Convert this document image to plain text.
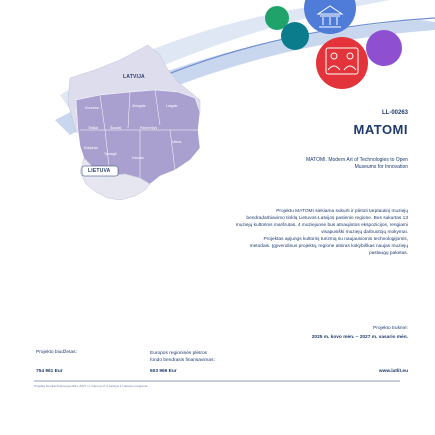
LATVIJA
LIETUVA
Kurzeme	Zemgale	Latgale
Telšiai	Šiauliai	Panevėžys
Utena
Klaipėda
Tauragė
Kaunas
LL-00263
MATOMI
MATOMI. Modern Art of Technologies to Open
Museums for Innovation
Projektu MATOMI siekiama sukurti ir plėtoti tarptautinį muziejų
bendradarbiavimo tinklą Lietuvos-Latvijos pasienio regione. Bus sukurtas 13
muziejų kultūrinis maršrutas, 4 muziejuose bus atnaujintos ekspozicijos, rengiami
visapusiški muziejų darbuotojų mokymai.
Projektas apjungs kultūrinį turizmą su naujausiomis technologijomis,
metodais. Įgyvendinus projektą, regione atsiras kokybiškas naujas muziejų
paslaugų paketas.
Projekto trukmė:
2025 m. kovo mėn. – 2027 m. vasario mėn.
Projekto biudžetas:	Europos regioninės plėtros
fondo bendrasis finansavimas:
754 961 Eur	603 969 Eur	www.latlit.eu
Projektą bendrai finansuoja 2021–2027 m. Interreg VI-A Latvijos ir Lietuvos programa
